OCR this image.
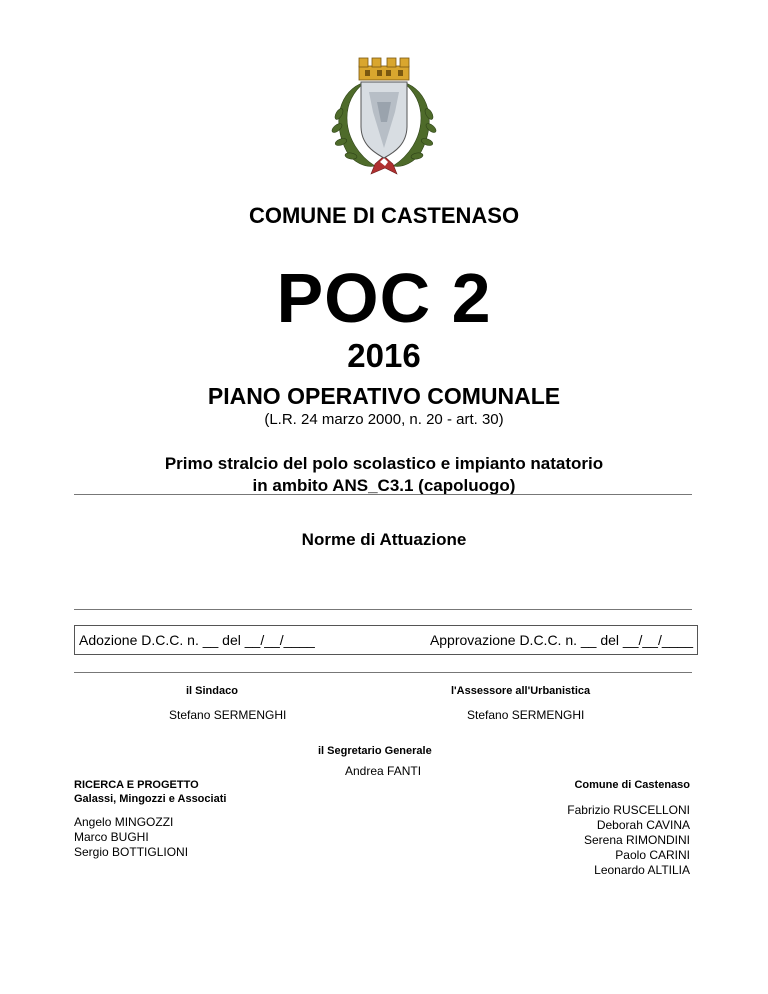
COMUNE DI CASTENASO
POC 2
2016
PIANO OPERATIVO COMUNALE
(L.R. 24 marzo 2000, n. 20 - art. 30)
Primo stralcio del polo scolastico e impianto natatorio
in ambito ANS_C3.1 (capoluogo)
Norme di Attuazione
Adozione D.C.C. n. __ del __/__/____	Approvazione D.C.C. n. __ del __/__/____
il Sindaco
Stefano SERMENGHI
l'Assessore all'Urbanistica
Stefano SERMENGHI
il Segretario Generale
Andrea FANTI
RICERCA E PROGETTO
Galassi, Mingozzi e Associati
Angelo MINGOZZI
Marco BUGHI
Sergio BOTTIGLIONI
Comune di Castenaso
Fabrizio RUSCELLONI
Deborah CAVINA
Serena RIMONDINI
Paolo CARINI
Leonardo ALTILIA
